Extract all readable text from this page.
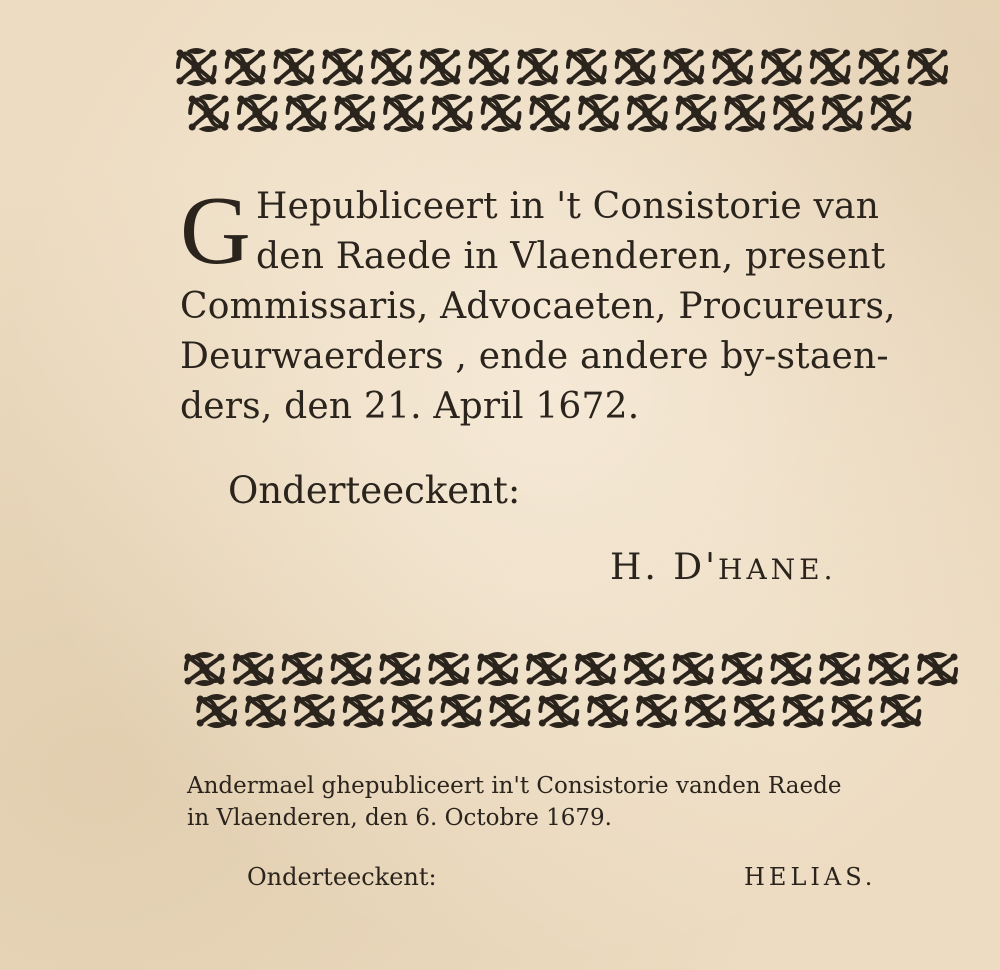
G Hepubliceert in 't Consistorie van
den Raede in Vlaenderen, present
Commissaris, Advocaeten, Procureurs,
Deurwaerders , ende andere by-staen-
ders, den 21. April 1672.
Onderteeckent:
H. D'HANE.
Andermael ghepubliceert in't Consistorie vanden Raede
in Vlaenderen, den 6. Octobre 1679.
Onderteeckent:	HELIAS.
